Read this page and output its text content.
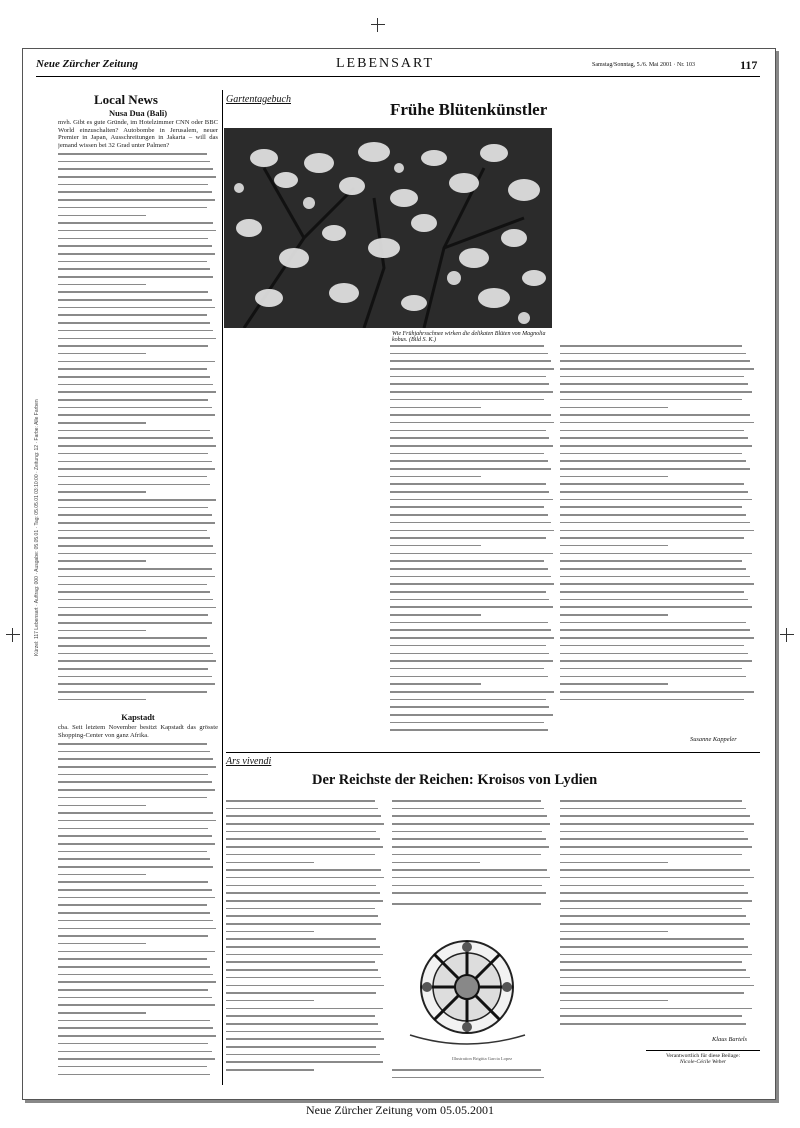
Neue Zürcher Zeitung	LEBENSART	Samstag/Sonntag, 5./6. Mai 2001 · Nr. 103	117
Kürzel: 117 Lebensart · Auftrag: 000 · Ausgabe: 05.05.01 · Tag: 05.05.01 03:10:00 · Zeitung: 12 · Farbe: Alle Farben
Local News
Nusa Dua (Bali)
mvh. Gibt es gute Gründe, im Hotelzimmer CNN oder BBC World einzuschalten? Autobombe in Jerusalem, neuer Premier in Japan, Ausschreitungen in Jakarta – will das jemand wissen bei 32 Grad unter Palmen?
Kapstadt
cba. Seit letztem November besitzt Kapstadt das grösste Shopping-Center von ganz Afrika.
Gartentagebuch
Frühe Blütenkünstler
Wie Frühjahrsschnee wirken die delikaten Blüten von Magnolia kobus. (Bild S. K.)
Susanne Kappeler
Ars vivendi
Der Reichste der Reichen: Kroisos von Lydien
Illustration Brigitta Garcia Lopez
Klaus Bartels
Verantwortlich für diese Beilage:
Nicole-Cécile Weber
Neue Zürcher Zeitung vom 05.05.2001
